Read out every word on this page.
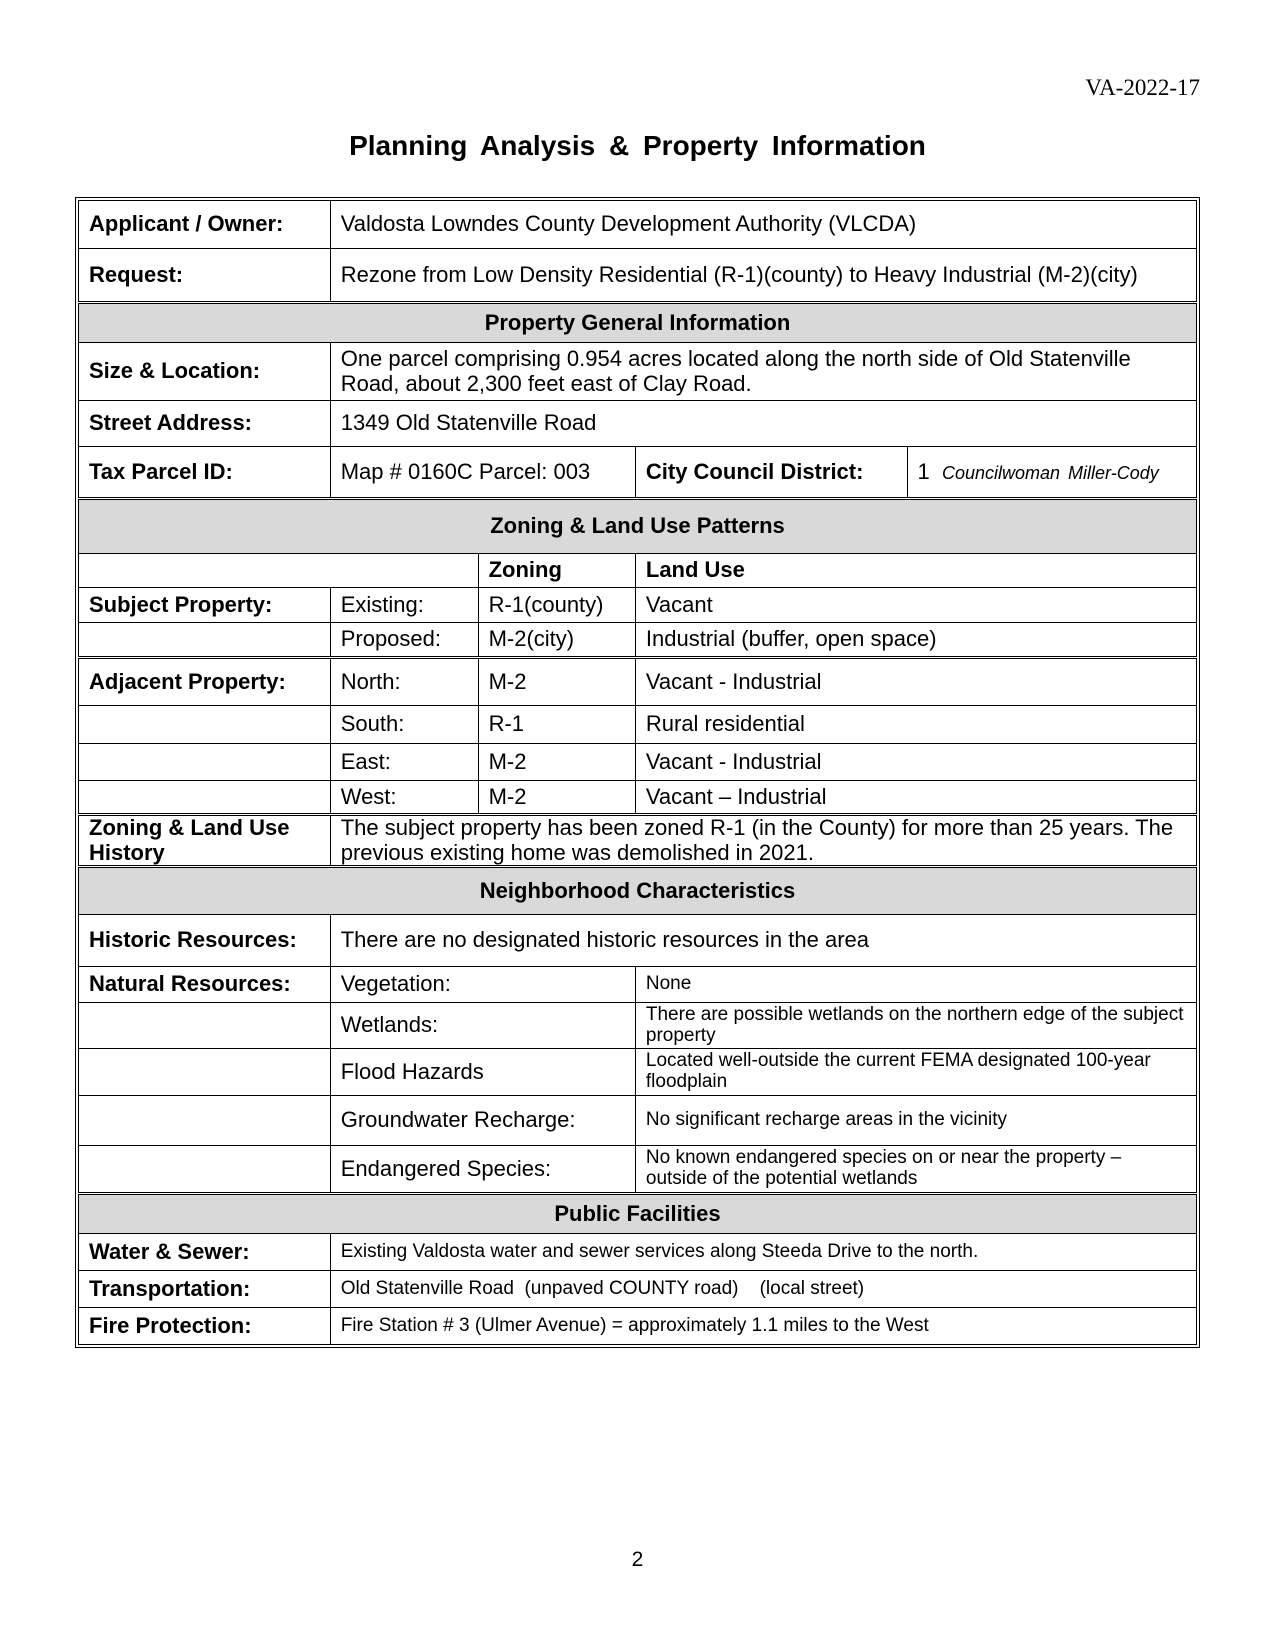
VA-2022-17
Planning Analysis & Property Information
Applicant / Owner:	Valdosta Lowndes County Development Authority (VLCDA)			
Request:	Rezone from Low Density Residential (R-1)(county) to Heavy Industrial (M-2)(city)			
Property General Information				
Size & Location:	One parcel comprising 0.954 acres located along the north side of Old Statenville Road, about 2,300 feet east of Clay Road.			
Street Address:	1349 Old Statenville Road			
Tax Parcel ID:	Map # 0160C Parcel: 003		City Council District:	1 Councilwoman Miller-Cody
Zoning & Land Use Patterns				
		Zoning	Land Use	
Subject Property:	Existing:	R-1(county)	Vacant	
	Proposed:	M-2(city)	Industrial (buffer, open space)	
Adjacent Property:	North:	M-2	Vacant - Industrial	
	South:	R-1	Rural residential	
	East:	M-2	Vacant - Industrial	
	West:	M-2	Vacant – Industrial	
Zoning & Land Use History	The subject property has been zoned R-1 (in the County) for more than 25 years. The previous existing home was demolished in 2021.			
Neighborhood Characteristics				
Historic Resources:	There are no designated historic resources in the area			
Natural Resources:	Vegetation:		None	
	Wetlands:		There are possible wetlands on the northern edge of the subject property	
	Flood Hazards		Located well-outside the current FEMA designated 100-year floodplain	
	Groundwater Recharge:		No significant recharge areas in the vicinity	
	Endangered Species:		No known endangered species on or near the property – outside of the potential wetlands	
Public Facilities				
Water & Sewer:	Existing Valdosta water and sewer services along Steeda Drive to the north.			
Transportation:	Old Statenville Road  (unpaved COUNTY road)    (local street)			
Fire Protection:	Fire Station # 3 (Ulmer Avenue) = approximately 1.1 miles to the West			
2
